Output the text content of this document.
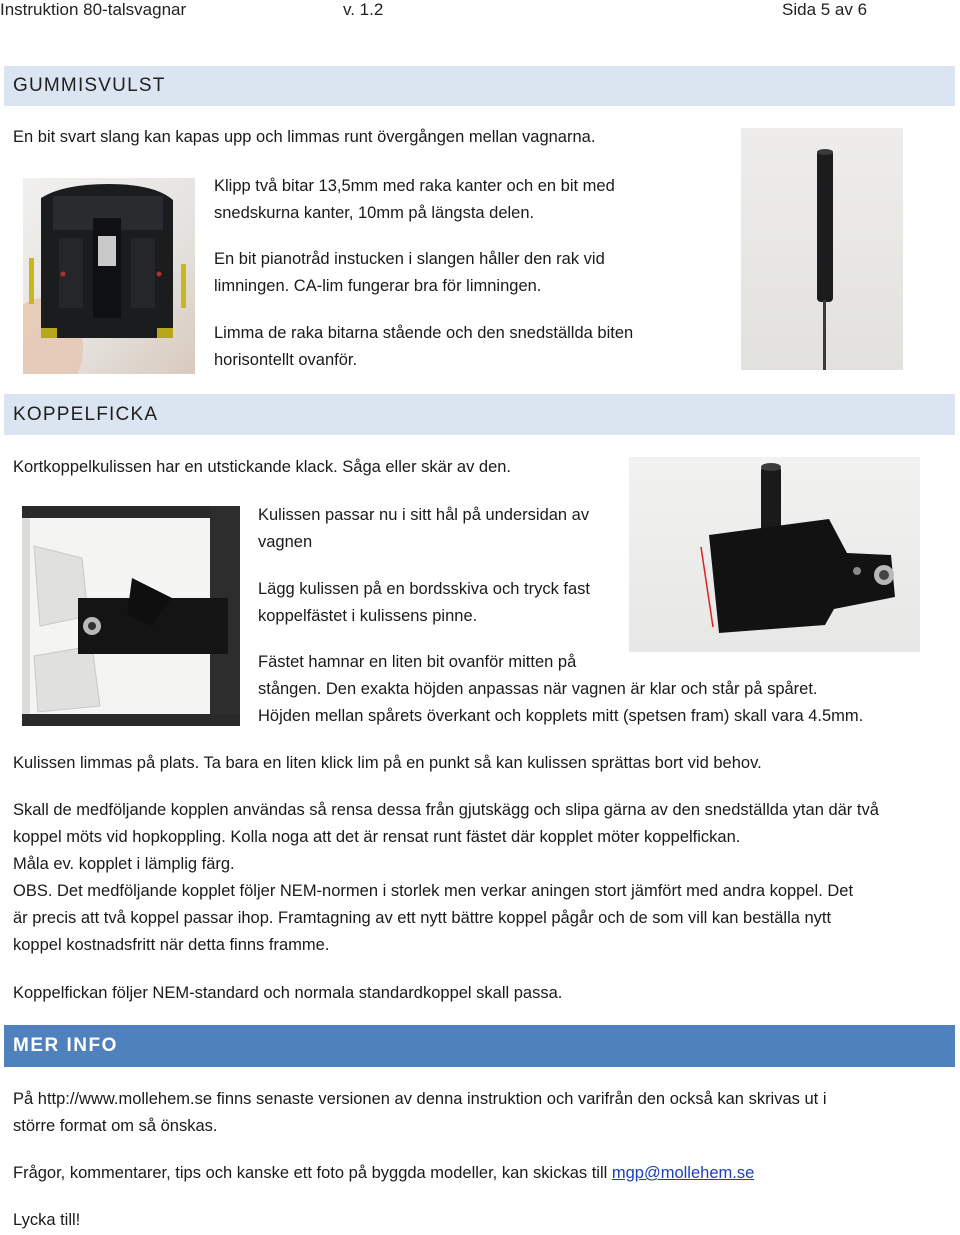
Instruktion 80-talsvagnar	v. 1.2	Sida 5 av 6
GUMMISVULST
En bit svart slang kan kapas upp och limmas runt övergången mellan vagnarna.
Klipp två bitar 13,5mm med raka kanter och en bit med
snedskurna kanter, 10mm på längsta delen.
En bit pianotråd instucken i slangen håller den rak vid
limningen. CA-lim fungerar bra för limningen.
Limma de raka bitarna stående och den snedställda biten
horisontellt ovanför.
KOPPELFICKA
Kortkoppelkulissen har en utstickande klack. Såga eller skär av den.
Kulissen passar nu i sitt hål på undersidan av
vagnen
Lägg kulissen på en bordsskiva och tryck fast
koppelfästet i kulissens pinne.
Fästet hamnar en liten bit ovanför mitten på
stången. Den exakta höjden anpassas när vagnen är klar och står på spåret.
Höjden mellan spårets överkant och kopplets mitt (spetsen fram) skall vara 4.5mm.
Kulissen limmas på plats. Ta bara en liten klick lim på en punkt så kan kulissen sprättas bort vid behov.
Skall de medföljande kopplen användas så rensa dessa från gjutskägg och slipa gärna av den snedställda ytan där två
koppel möts vid hopkoppling. Kolla noga att det är rensat runt fästet där kopplet möter koppelfickan.
Måla ev. kopplet i lämplig färg.
OBS. Det medföljande kopplet följer NEM-normen i storlek men verkar aningen stort jämfört med andra koppel. Det
är precis att två koppel passar ihop. Framtagning av ett nytt bättre koppel pågår och de som vill kan beställa nytt
koppel kostnadsfritt när detta finns framme.
Koppelfickan följer NEM-standard och normala standardkoppel skall passa.
MER INFO
På http://www.mollehem.se finns senaste versionen av denna instruktion och varifrån den också kan skrivas ut i
större format om så önskas.
Frågor, kommentarer, tips och kanske ett foto på byggda modeller, kan skickas till mgp@mollehem.se
Lycka till!
